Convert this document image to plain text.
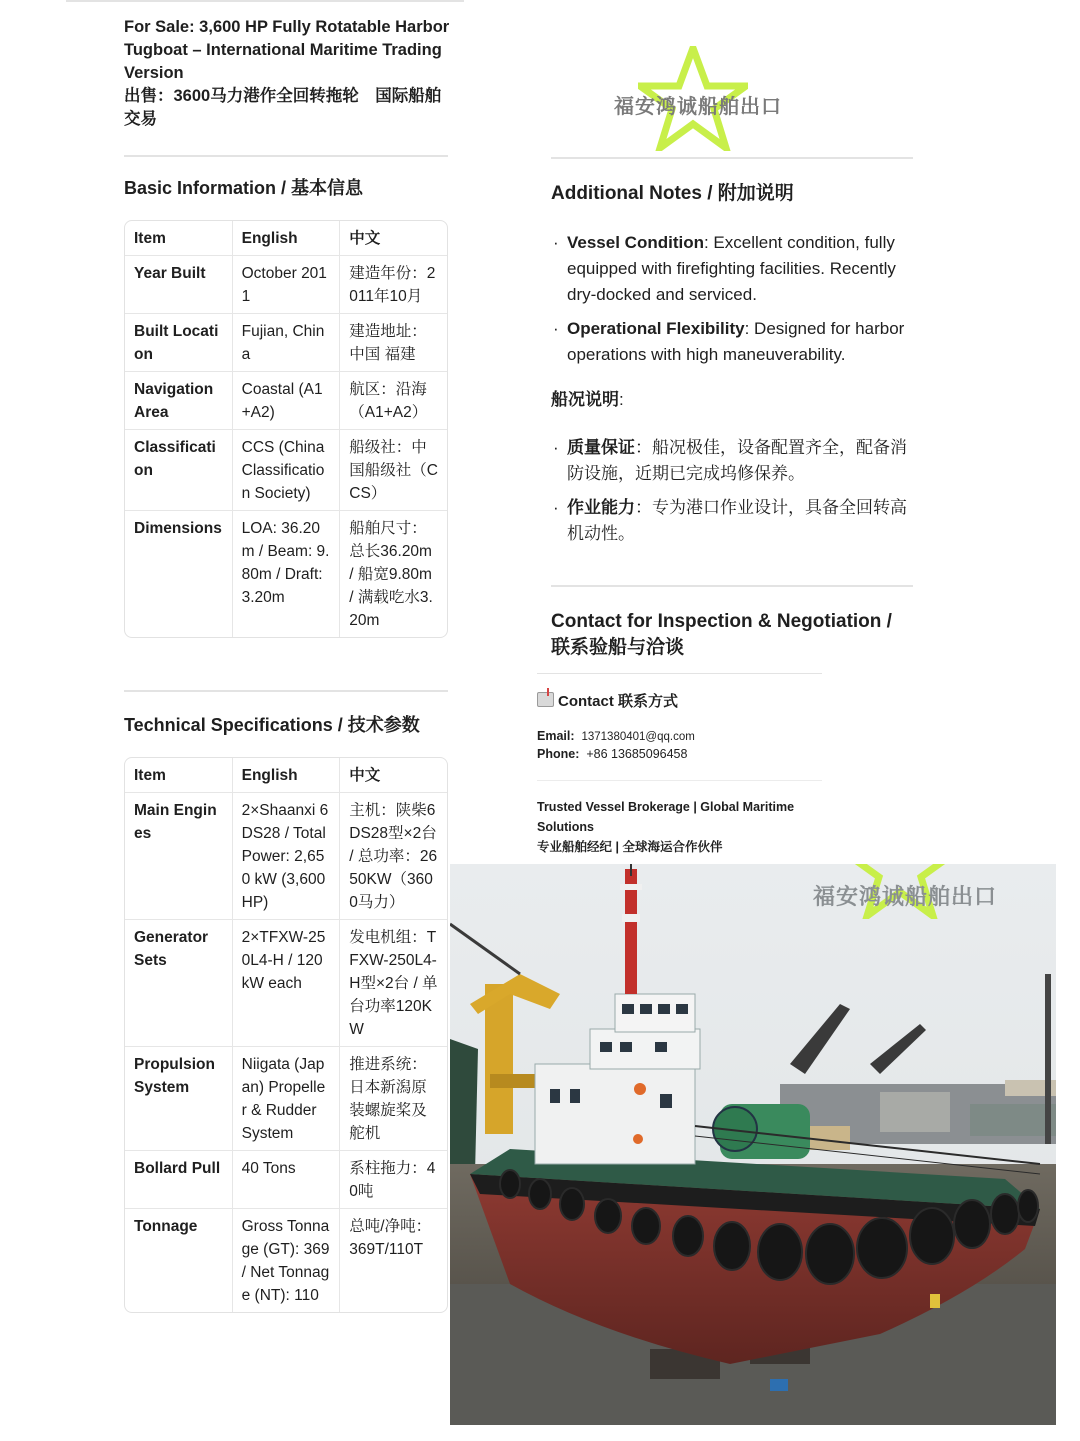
For Sale: 3,600 HP Fully Rotatable Harbor Tugboat – International Maritime Trading Version
出售：3600马力港作全回转拖轮　国际船舶交易
Basic Information / 基本信息
Item	English	中文
Year Built	October 2011	建造年份：2011年10月
Built Location	Fujian, China	建造地址：中国 福建
Navigation Area	Coastal (A1+A2)	航区：沿海（A1+A2）
Classification	CCS (China Classification Society)	船级社：中国船级社（CCS）
Dimensions	LOA: 36.20m / Beam: 9.80m / Draft: 3.20m	船舶尺寸：总长36.20m / 船宽9.80m / 满载吃水3.20m
Technical Specifications / 技术参数
Item	English	中文
Main Engines	2×Shaanxi 6DS28 / Total Power: 2,650 kW (3,600 HP)	主机：陕柴6DS28型×2台 / 总功率：2650KW（3600马力）
Generator Sets	2×TFXW-250L4-H / 120 kW each	发电机组：TFXW-250L4-H型×2台 / 单台功率120KW
Propulsion System	Niigata (Japan) Propeller & Rudder System	推进系统：日本新潟原装螺旋桨及舵机
Bollard Pull	40 Tons	系柱拖力：40吨
Tonnage	Gross Tonnage (GT): 369 / Net Tonnage (NT): 110	总吨/净吨：369T/110T
福安鸿诚船舶出口
Additional Notes / 附加说明
· Vessel Condition: Excellent condition, fully equipped with firefighting facilities. Recently dry-docked and serviced.
· Operational Flexibility: Designed for harbor operations with high maneuverability.
船况说明:
· 质量保证：船况极佳，设备配置齐全，配备消防设施，近期已完成坞修保养。
· 作业能力：专为港口作业设计，具备全回转高机动性。
Contact for Inspection & Negotiation / 联系验船与洽谈
Contact 联系方式
Email: 1371380401@qq.com
Phone: +86 13685096458
Trusted Vessel Brokerage | Global Maritime Solutions
专业船舶经纪 | 全球海运合作伙伴
福安鸿诚船舶出口
